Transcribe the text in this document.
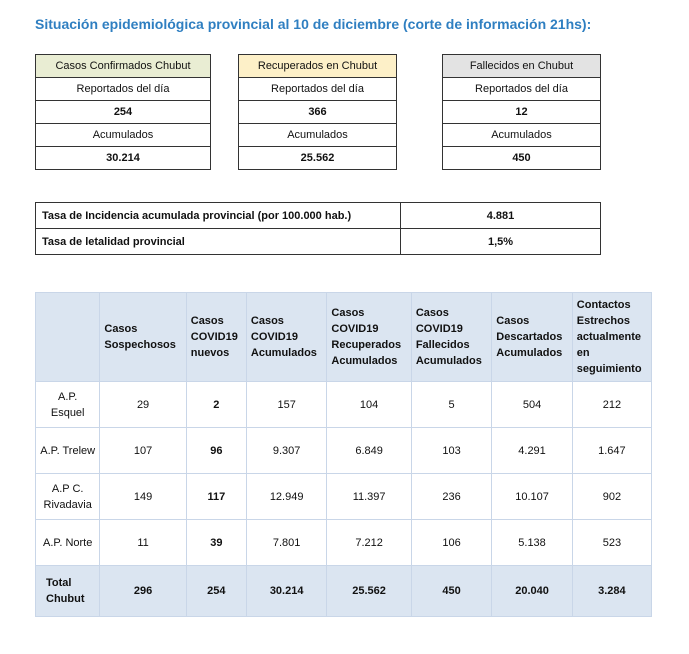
Situación epidemiológica provincial al 10 de diciembre (corte de información 21hs):
Casos Confirmados Chubut
Reportados del día
254
Acumulados
30.214
Recuperados en Chubut
Reportados del día
366
Acumulados
25.562
Fallecidos en Chubut
Reportados del día
12
Acumulados
450
Tasa de Incidencia acumulada provincial (por 100.000 hab.)	4.881
Tasa de letalidad provincial	1,5%
	Casos Sospechosos	Casos COVID19 nuevos	Casos COVID19 Acumulados	Casos COVID19 Recuperados Acumulados	Casos COVID19 Fallecidos Acumulados	Casos Descartados Acumulados	Contactos Estrechos actualmente en seguimiento
A.P. Esquel	29	2	157	104	5	504	212
A.P. Trelew	107	96	9.307	6.849	103	4.291	1.647
A.P C. Rivadavia	149	117	12.949	11.397	236	10.107	902
A.P. Norte	11	39	7.801	7.212	106	5.138	523
Total Chubut	296	254	30.214	25.562	450	20.040	3.284
